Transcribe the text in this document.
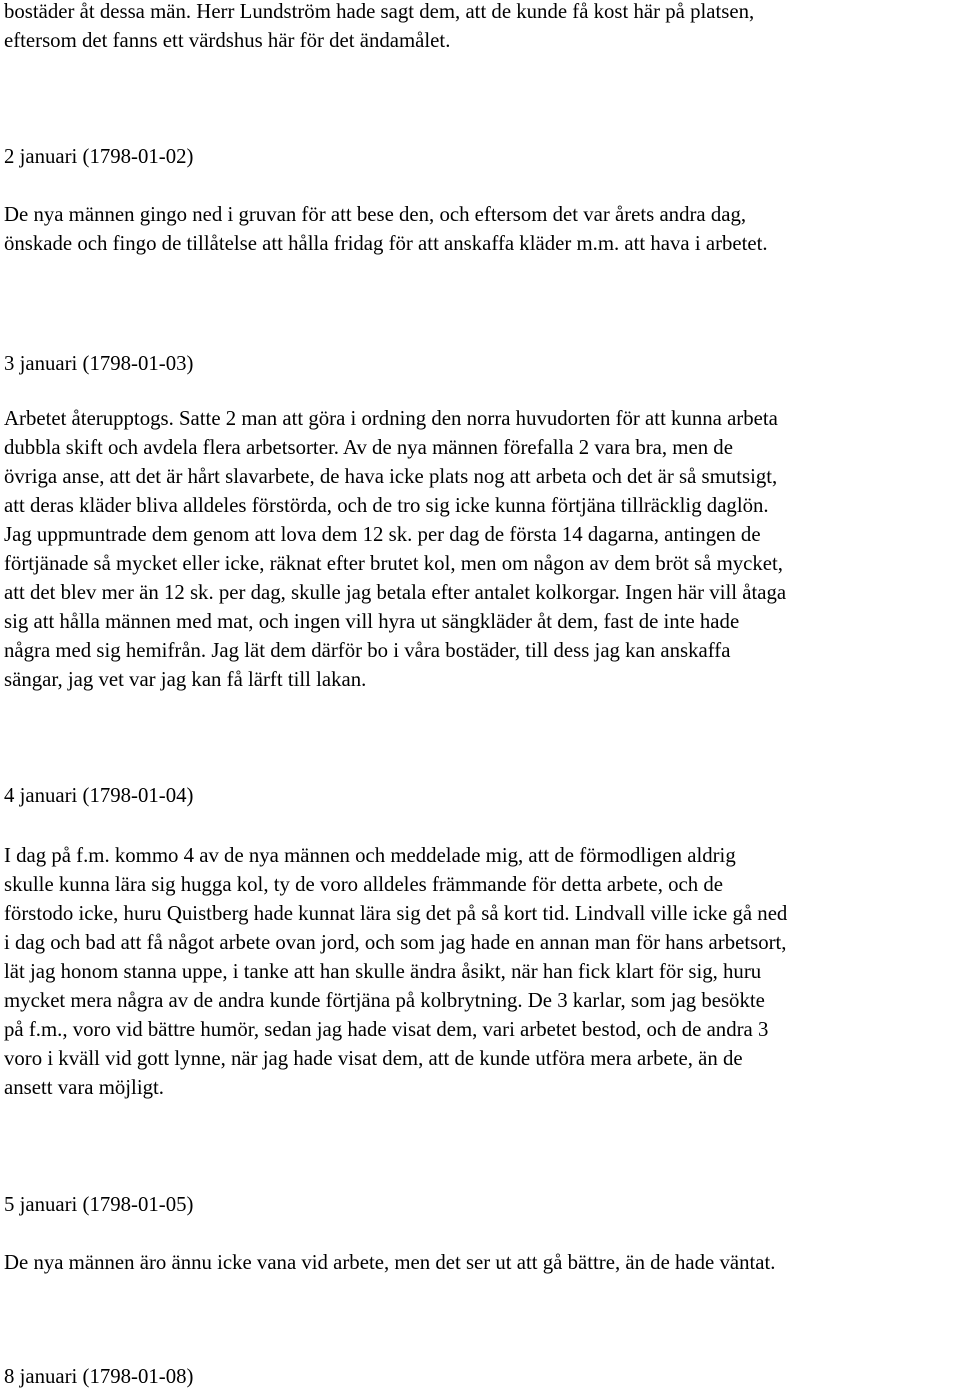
bostäder åt dessa män. Herr Lundström hade sagt dem, att de kunde få kost här på platsen,
eftersom det fanns ett värdshus här för det ändamålet.

2 januari (1798-01-02)

De nya männen gingo ned i gruvan för att bese den, och eftersom det var årets andra dag,
önskade och fingo de tillåtelse att hålla fridag för att anskaffa kläder m.m. att hava i arbetet.

3 januari (1798-01-03)

Arbetet återupptogs. Satte 2 man att göra i ordning den norra huvudorten för att kunna arbeta
dubbla skift och avdela flera arbetsorter. Av de nya männen förefalla 2 vara bra, men de
övriga anse, att det är hårt slavarbete, de hava icke plats nog att arbeta och det är så smutsigt,
att deras kläder bliva alldeles förstörda, och de tro sig icke kunna förtjäna tillräcklig daglön.
Jag uppmuntrade dem genom att lova dem 12 sk. per dag de första 14 dagarna, antingen de
förtjänade så mycket eller icke, räknat efter brutet kol, men om någon av dem bröt så mycket,
att det blev mer än 12 sk. per dag, skulle jag betala efter antalet kolkorgar. Ingen här vill åtaga
sig att hålla männen med mat, och ingen vill hyra ut sängkläder åt dem, fast de inte hade
några med sig hemifrån. Jag lät dem därför bo i våra bostäder, till dess jag kan anskaffa
sängar, jag vet var jag kan få lärft till lakan.

4 januari (1798-01-04)

I dag på f.m. kommo 4 av de nya männen och meddelade mig, att de förmodligen aldrig
skulle kunna lära sig hugga kol, ty de voro alldeles främmande för detta arbete, och de
förstodo icke, huru Quistberg hade kunnat lära sig det på så kort tid. Lindvall ville icke gå ned
i dag och bad att få något arbete ovan jord, och som jag hade en annan man för hans arbetsort,
lät jag honom stanna uppe, i tanke att han skulle ändra åsikt, när han fick klart för sig, huru
mycket mera några av de andra kunde förtjäna på kolbrytning. De 3 karlar, som jag besökte
på f.m., voro vid bättre humör, sedan jag hade visat dem, vari arbetet bestod, och de andra 3
voro i kväll vid gott lynne, när jag hade visat dem, att de kunde utföra mera arbete, än de
ansett vara möjligt.

5 januari (1798-01-05)

De nya männen äro ännu icke vana vid arbete, men det ser ut att gå bättre, än de hade väntat.

8 januari (1798-01-08)
